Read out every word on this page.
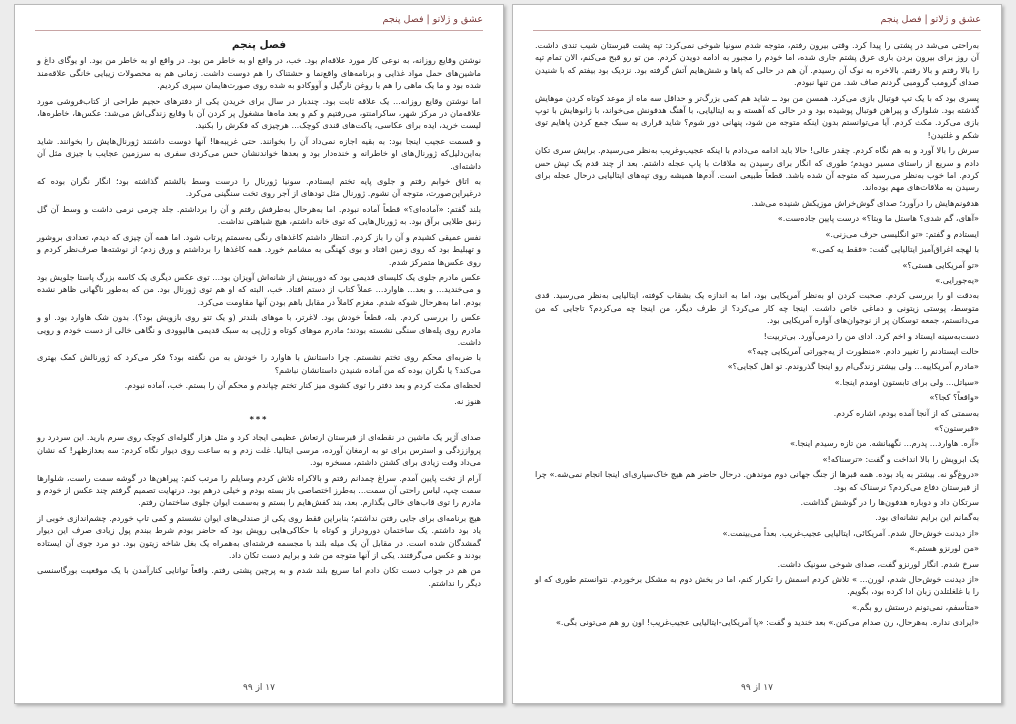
عشق و ژلاتو | فصل پنجم

فصل پنجم

نوشتن وقایع روزانه، به نوعی کار مورد علاقه‌ام بود. خب، در واقع او به خاطر من بود. در واقع او به خاطر من بود. او یوگای داغ و ماشین‌های حمل مواد غذایی و برنامه‌های واقع‌نما و حشتناک را هم دوست داشت. زمانی هم به محصولات زیبایی خانگی علاقه‌مند شده بود و ما یک ماهی را هم با روغن نارگیل و آووکادو به شده روی صورت‌هایمان سپری کردیم.

اما نوشتن وقایع روزانه... یک علاقه ثابت بود. چندبار در سال برای خریدن یکی از دفترهای حجیم طراحی از کتاب‌فروشی مورد علاقه‌مان در مرکز شهر، ساکرامنتو، می‌رفتیم و کم و بعد ماه‌ها مشغول پر کردن آن با وقایع زندگی‌اش می‌شد: عکس‌ها، خاطره‌ها، لیست خرید، ایده برای عکاسی، یاکت‌های قندی کوچک... هرچیزی که فکرش را بکنید.

و قسمت عجیب اینجا بود: به بقیه اجازه نمی‌داد آن را بخوانند. حتی غریبه‌ها! آنها دوست داشتند ژورنال‌هایش را بخوانند. شاید به‌این‌دلیل‌که ژورنال‌های او خاطرانه و خنده‌دار بود و بعدها خواندنشان حس می‌کردی سفری به سرزمین عجایب با جیزی مثل آن داشته‌ای.

به اتاق خوابم رفتم و جلوی پایه تختم ایستادم. سونیا ژورنال را درست وسط بالشتم گذاشته بود؛ انگار نگران بوده که درغیراین‌صورت، متوجه آن نشوم. ژورنال مثل تودهای از آجر روی تخت سنگینی می‌کرد.

بلند گفتم: «آماده‌ای؟» قطعاً آماده نبودم. اما به‌هرحال به‌طرفش رفتم و آن را برداشتم. جلد چرمی نرمی داشت و وسط آن گل زنبق طلایی برآق بود. به ژورنال‌هایی که توی خانه داشتم، هیچ شباهتی نداشت.

نفس عمیقی کشیدم و آن را باز کردم. انتظار داشتم کاغذهای رنگی به‌سمتم پرتاب شود. اما همه آن چیزی که دیدم، تعدادی بروشور و تهبلیط بود که روی زمین افتاد و بوی کهنگی به مشامم خورد. همه کاغذها را برداشتم و ورق زدم؛ از نوشته‌ها صرف‌نظر کردم و روی عکس‌ها متمرکز شدم.

عکس مادرم جلوی یک کلیسای قدیمی بود که دوربینش از شانه‌اش آویزان بود... توی عکس دیگری یک کاسه بزرگ پاستا جلویش بود و می‌خندید... و بعد... هاوارد... عملاً کتاب از دستم افتاد. خب، البته که او هم توی ژورنال بود. من که به‌طور ناگهانی ظاهر نشده بودم. اما به‌هرحال شوکه شدم. مغزم کاملاً در مقابل باهم بودن آنها مقاومت می‌کرد.

عکس را بررسی کردم. بله، قطعاً خودش بود. لاغرتر، با موهای بلندتر (و یک تتو روی بازویش بود؟). بدون شک هاوارد بود. او و مادرم روی پله‌های سنگی نشسته بودند؛ مادرم موهای کوتاه و ژل‌پی به سبک قدیمی هالیوودی و نگاهی خالی از دست خودم و رویی داشت.

با ضربه‌ای محکم روی تختم نشستم. چرا داستانش با هاوارد را خودش به من نگفته بود؟ فکر می‌کرد که ژورنالش کمک بهتری می‌کند؟ یا نگران بوده که من آماده شنیدن داستانشان نباشم؟

لحظه‌ای مکث کردم و بعد دفتر را توی کشوی میز کنار تختم چپاندم و محکم آن را بستم. خب، آماده نبودم.

هنوز نه.

***

صدای آژیر یک ماشین در نقطه‌ای از قبرستان ارتعاش عظیمی ایجاد کرد و مثل هزار گلوله‌ای کوچک روی سرم بارید. این سردرد رو پرواززدگی و استرس برای تو به ارمغان آورده، مرسی ایتالیا. غلت زدم و به ساعت روی دیوار نگاه کردم: سه بعدازظهر! که نشان می‌داد وقت زیادی برای کشتن داشتم، مسخره بود.

آرام از تخت پایین آمدم. سراغ چمدانم رفتم و بالاکراه تلاش کردم وسایلم را مرتب کنم: پیراهن‌ها در گوشه سمت راست، شلوارها سمت چپ، لباس راحتی آن سمت... به‌طرز اختصاصی باز بسته بودم و خیلی درهم بود. درنهایت تصمیم گرفتم چند عکس از خودم و مادرم را توی قاب‌های خالی بگذارم. بعد، بند کفش‌هایم را بستم و به‌سمت ایوان جلوی ساختمان رفتم.

هیچ برنامه‌ای برای جایی رفتن نداشتم؛ بنابراین فقط روی یکی از صندلی‌های ایوان نشستم و کمی تاپ خوردم. چشم‌اندازی خوبی از یاد بود داشتم. یک ساختمان دورودراز و کوتاه با حکاکی‌هایی رویش بود که حاضر بودم شرط ببندم پول زیادی صرف این دیوار گمشدگان شده است. در مقابل آن یک میله بلند با مجسمه فرشته‌ای به‌همراه یک بغل شاخه زیتون بود. دو مرد جوی آن ایستاده بودند و عکس می‌گرفتند. یکی از آنها متوجه من شد و برایم دست تکان داد.

من هم در جواب دست تکان دادم اما سریع بلند شدم و به پرچین پشتی رفتم. واقعاً توانایی کنارآمدن با یک موقعیت بورگاسنسی دیگر را نداشتم.

۱۷ از ۹۹
عشق و ژلاتو | فصل پنجم

به‌راحتی می‌شد در پشتی را پیدا کرد. وقتی بیرون رفتم، متوجه شدم سونیا شوخی نمی‌کرد: تپه پشت قبرستان شیب تندی داشت. آن روز برای بیرون بردن باری عرق پشتم جاری شده، اما خودم را مجبور به ادامه دویدن کردم. من تو رو قبح می‌کنم، الان تمام تپه را بالا رفتم و بالا رفتم. بالاخره به نوک آن رسیدم. آن هم در حالی که پاها و شش‌هایم آتش گرفته بود. نزدیک بود بیفتم که با شنیدن صدای گرومب گرومبی گردنم صاف شد. من تنها نبودم.

پسری بود که با یک تپ فوتبال بازی می‌کرد. همسن من بود ــ شاید هم کمی بزرگ‌تر و حداقل سه ماه از موعد کوتاه کردن موهایش گذشته بود. شلوارک و پیراهن فوتبال پوشیده بود و در حالی که آهسته و به ایتالیایی، با آهنگ هدفونش می‌خواند، با زانوهایش با توپ بازی می‌کرد. مکث کردم. آیا می‌توانستم بدون اینکه متوجه من شود، پنهانی دور شوم؟ شاید قراری به سبک جمع کردن پاهایم توی شکم و غلتیدن!

سرش را بالا آورد و به هم نگاه کردم. چقدر عالی! حالا باید ادامه می‌دادم با اینکه عجیب‌وغریب به‌نظر می‌رسیدم. برایش سری تکان دادم و سریع از راستای مسیر دویدم؛ طوری که انگار برای رسیدن به ملاقات با پاپ عجله داشتم. بعد از چند قدم یک تپش حس کردم. اما خوب به‌نظر می‌رسید که متوجه آن شده باشد. قطعاً طبیعی است. آدم‌ها همیشه روی تپه‌های ایتالیایی درحال عجله برای رسیدن به ملاقات‌های مهم بوده‌اند.

هدفونم‌هایش را درآورد؛ صدای گوش‌خراش موزیکش شنیده می‌شد.

«آهای، گم شدی؟ هاستل ما وبتا؟» درست پایین جاده‌ست.»

ایستادم و گفتم: «تو انگلیسی حرف می‌زنی.»

با لهجه اغراق‌آمیز ایتالیایی گفت: «فقط یه کمی.»

«تو آمریکایی هستی؟»

«یه‌جورایی.»

به‌دقت او را بررسی کردم. صحبت کردن او به‌نظر آمریکایی بود، اما به اندازه یک بشقاب کوفته، ایتالیایی به‌نظر می‌رسید. قدی متوسط، پوستی زیتونی و دماغی خاص داشت. اینجا چه کار می‌کرد؟ از طرف دیگر، من اینجا چه می‌کردم؟ تاجایی که من می‌دانستم، جمعه توسکان پر از نوجوان‌های آواره آمریکایی بود.

دست‌به‌سینه ایستاد و اخم کرد. ادای من را درمی‌آورد. بی‌تربیت!

حالت ایستادنم را تغییر دادم. «منظورت از یه‌جوراتی آمریکایی چیه؟»

«مادرم آمریکاییه... ولی بیشتر زندگی‌ام رو اینجا گذروندم. تو اهل کجایی؟»

«سیاتل... ولی برای تابستون اومدم اینجا.»

«واقعاً؟ کجا؟»

به‌سمتی که از آنجا آمده بودم، اشاره کردم.

«قبرستون؟»

«آره. هاوارد... پدرم... نگهبانشه. من تازه رسیدم اینجا.»

یک ابرویش را بالا انداخت و گفت: «ترسناکه!»

«دروغ‌گو نه. بیشتر به یاد بوده. همه قبرها از جنگ جهانی دوم موندهن. درحال حاضر هم هیچ خاک‌سپاری‌ای اینجا انجام نمی‌شه.» چرا از قبرستان دفاع می‌کردم؟ ترسناک که بود.

سرتکان داد و دوباره هدفون‌ها را در گوشش گذاشت.

به‌گمانم این برایم نشانه‌ای بود.

«از دیدنت خوش‌حال شدم. آمریکائی، ایتالیایی عجیب‌غریب. بعداً می‌بینمت.»

«من لورنزو هستم.»

سرخ شدم. انگار لورنزو گفت، صدای شوخی سونیک داشت.

«از دیدنت خوش‌حال شدم، لورن... » تلاش کردم اسمش را تکرار کنم، اما در بخش دوم به مشکل برخوردم. نتوانستم طوری که او را با غلغلتلدن زبان ادا کرده بود، بگویم.

«متأسفم، نمی‌تونم درستش رو بگم.»

«ایرادی نداره. به‌هرحال، رن صدام می‌کنن.» بعد خندید و گفت: «پا آمریکایی-ایتالیایی عجیب‌غریب! اون رو هم می‌تونی بگی.»

۱۷ از ۹۹
